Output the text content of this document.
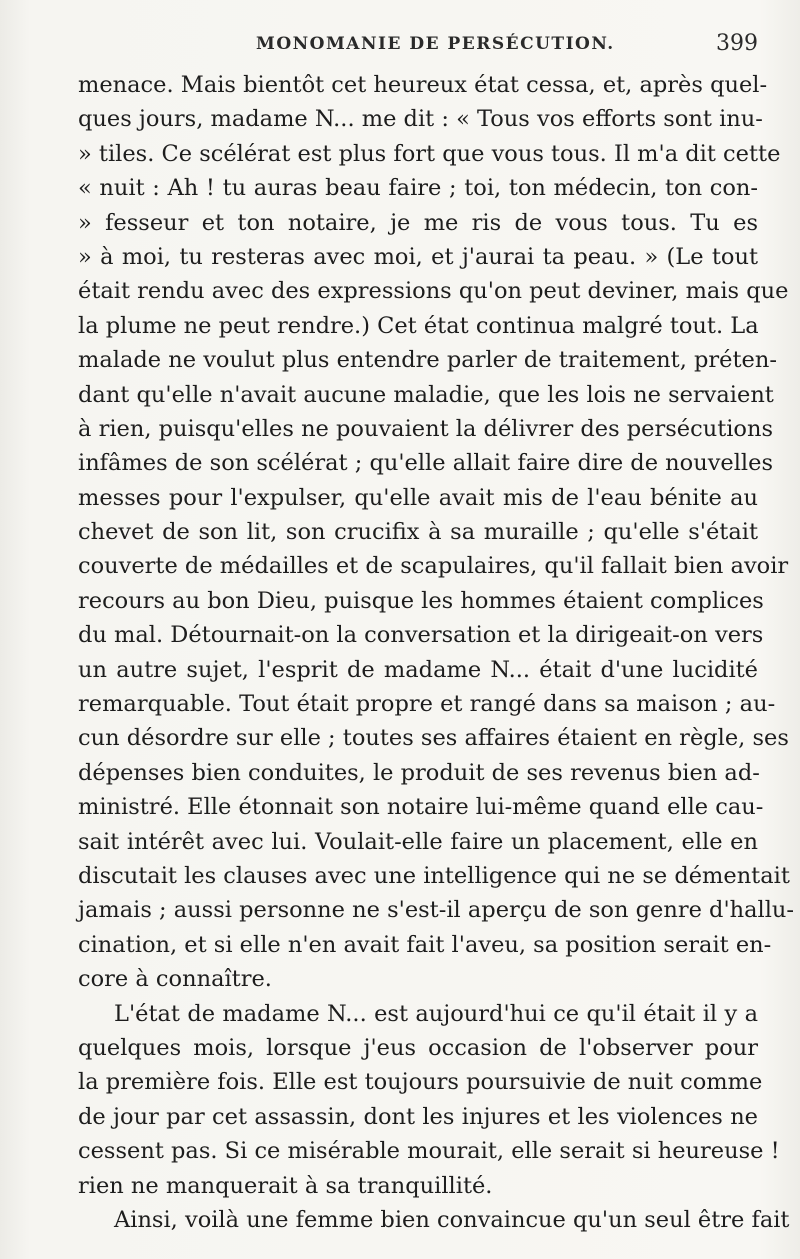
MONOMANIE DE PERSÉCUTION.	399
menace. Mais bientôt cet heureux état cessa, et, après quel-
ques jours, madame N... me dit : « Tous vos efforts sont inu-
» tiles. Ce scélérat est plus fort que vous tous. Il m'a dit cette
« nuit : Ah ! tu auras beau faire ; toi, ton médecin, ton con-
» fesseur et ton notaire, je me ris de vous tous. Tu es
» à moi, tu resteras avec moi, et j'aurai ta peau. » (Le tout
était rendu avec des expressions qu'on peut deviner, mais que
la plume ne peut rendre.) Cet état continua malgré tout. La
malade ne voulut plus entendre parler de traitement, préten-
dant qu'elle n'avait aucune maladie, que les lois ne servaient
à rien, puisqu'elles ne pouvaient la délivrer des persécutions
infâmes de son scélérat ; qu'elle allait faire dire de nouvelles
messes pour l'expulser, qu'elle avait mis de l'eau bénite au
chevet de son lit, son crucifix à sa muraille ; qu'elle s'était
couverte de médailles et de scapulaires, qu'il fallait bien avoir
recours au bon Dieu, puisque les hommes étaient complices
du mal. Détournait-on la conversation et la dirigeait-on vers
un autre sujet, l'esprit de madame N... était d'une lucidité
remarquable. Tout était propre et rangé dans sa maison ; au-
cun désordre sur elle ; toutes ses affaires étaient en règle, ses
dépenses bien conduites, le produit de ses revenus bien ad-
ministré. Elle étonnait son notaire lui-même quand elle cau-
sait intérêt avec lui. Voulait-elle faire un placement, elle en
discutait les clauses avec une intelligence qui ne se démentait
jamais ; aussi personne ne s'est-il aperçu de son genre d'hallu-
cination, et si elle n'en avait fait l'aveu, sa position serait en-
core à connaître.
L'état de madame N... est aujourd'hui ce qu'il était il y a
quelques mois, lorsque j'eus occasion de l'observer pour
la première fois. Elle est toujours poursuivie de nuit comme
de jour par cet assassin, dont les injures et les violences ne
cessent pas. Si ce misérable mourait, elle serait si heureuse !
rien ne manquerait à sa tranquillité.
Ainsi, voilà une femme bien convaincue qu'un seul être fait
